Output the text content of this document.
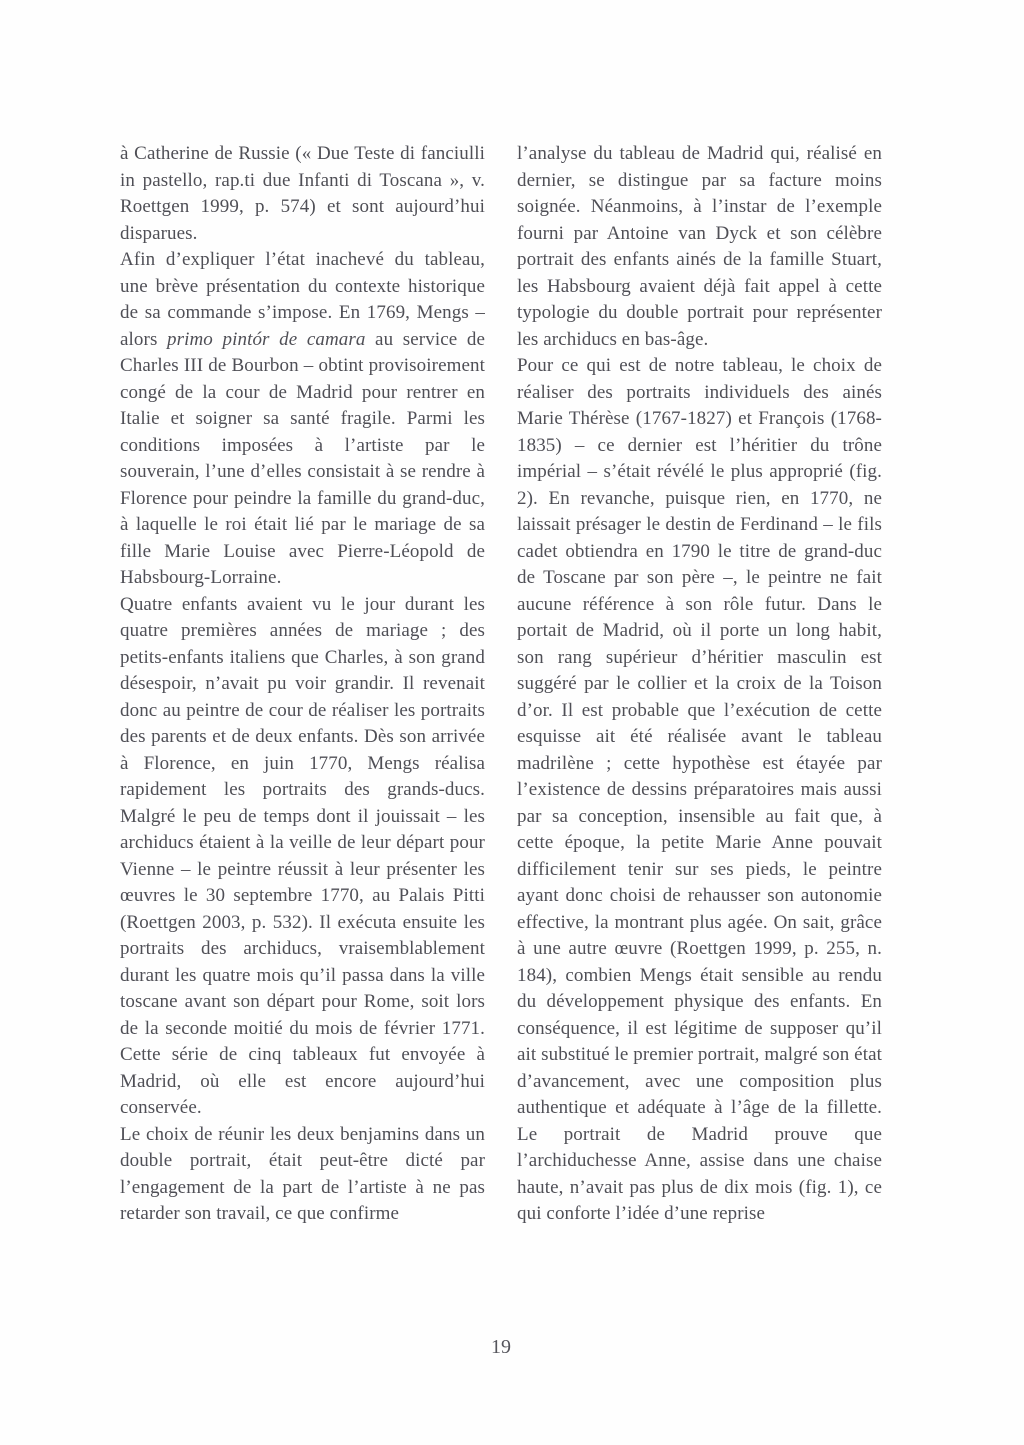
à Catherine de Russie (« Due Teste di fanciulli in pastello, rap.ti due Infanti di Toscana », v. Roettgen 1999, p. 574) et sont aujourd’hui disparues.

Afin d’expliquer l’état inachevé du tableau, une brève présentation du contexte historique de sa commande s’impose. En 1769, Mengs – alors primo pintór de camara au service de Charles III de Bourbon – obtint provisoirement congé de la cour de Madrid pour rentrer en Italie et soigner sa santé fragile. Parmi les conditions imposées à l’artiste par le souverain, l’une d’elles consistait à se rendre à Florence pour peindre la famille du grand-duc, à laquelle le roi était lié par le mariage de sa fille Marie Louise avec Pierre-Léopold de Habsbourg-Lorraine.

Quatre enfants avaient vu le jour durant les quatre premières années de mariage ; des petits-enfants italiens que Charles, à son grand désespoir, n’avait pu voir grandir. Il revenait donc au peintre de cour de réaliser les portraits des parents et de deux enfants. Dès son arrivée à Florence, en juin 1770, Mengs réalisa rapidement les portraits des grands-ducs. Malgré le peu de temps dont il jouissait – les archiducs étaient à la veille de leur départ pour Vienne – le peintre réussit à leur présenter les œuvres le 30 septembre 1770, au Palais Pitti (Roettgen 2003, p. 532). Il exécuta ensuite les portraits des archiducs, vraisemblablement durant les quatre mois qu’il passa dans la ville toscane avant son départ pour Rome, soit lors de la seconde moitié du mois de février 1771. Cette série de cinq tableaux fut envoyée à Madrid, où elle est encore aujourd’hui conservée.

Le choix de réunir les deux benjamins dans un double portrait, était peut-être dicté par l’engagement de la part de l’artiste à ne pas retarder son travail, ce que confirme

l’analyse du tableau de Madrid qui, réalisé en dernier, se distingue par sa facture moins soignée. Néanmoins, à l’instar de l’exemple fourni par Antoine van Dyck et son célèbre portrait des enfants ainés de la famille Stuart, les Habsbourg avaient déjà fait appel à cette typologie du double portrait pour représenter les archiducs en bas-âge.

Pour ce qui est de notre tableau, le choix de réaliser des portraits individuels des ainés Marie Thérèse (1767-1827) et François (1768-1835) – ce dernier est l’héritier du trône impérial – s’était révélé le plus approprié (fig. 2). En revanche, puisque rien, en 1770, ne laissait présager le destin de Ferdinand – le fils cadet obtiendra en 1790 le titre de grand-duc de Toscane par son père –, le peintre ne fait aucune référence à son rôle futur. Dans le portait de Madrid, où il porte un long habit, son rang supérieur d’héritier masculin est suggéré par le collier et la croix de la Toison d’or. Il est probable que l’exécution de cette esquisse ait été réalisée avant le tableau madrilène ; cette hypothèse est étayée par l’existence de dessins préparatoires mais aussi par sa conception, insensible au fait que, à cette époque, la petite Marie Anne pouvait difficilement tenir sur ses pieds, le peintre ayant donc choisi de rehausser son autonomie effective, la montrant plus agée. On sait, grâce à une autre œuvre (Roettgen 1999, p. 255, n. 184), combien Mengs était sensible au rendu du développement physique des enfants. En conséquence, il est légitime de supposer qu’il ait substitué le premier portrait, malgré son état d’avancement, avec une composition plus authentique et adéquate à l’âge de la fillette. Le portrait de Madrid prouve que l’archiduchesse Anne, assise dans une chaise haute, n’avait pas plus de dix mois (fig. 1), ce qui conforte l’idée d’une reprise

19
